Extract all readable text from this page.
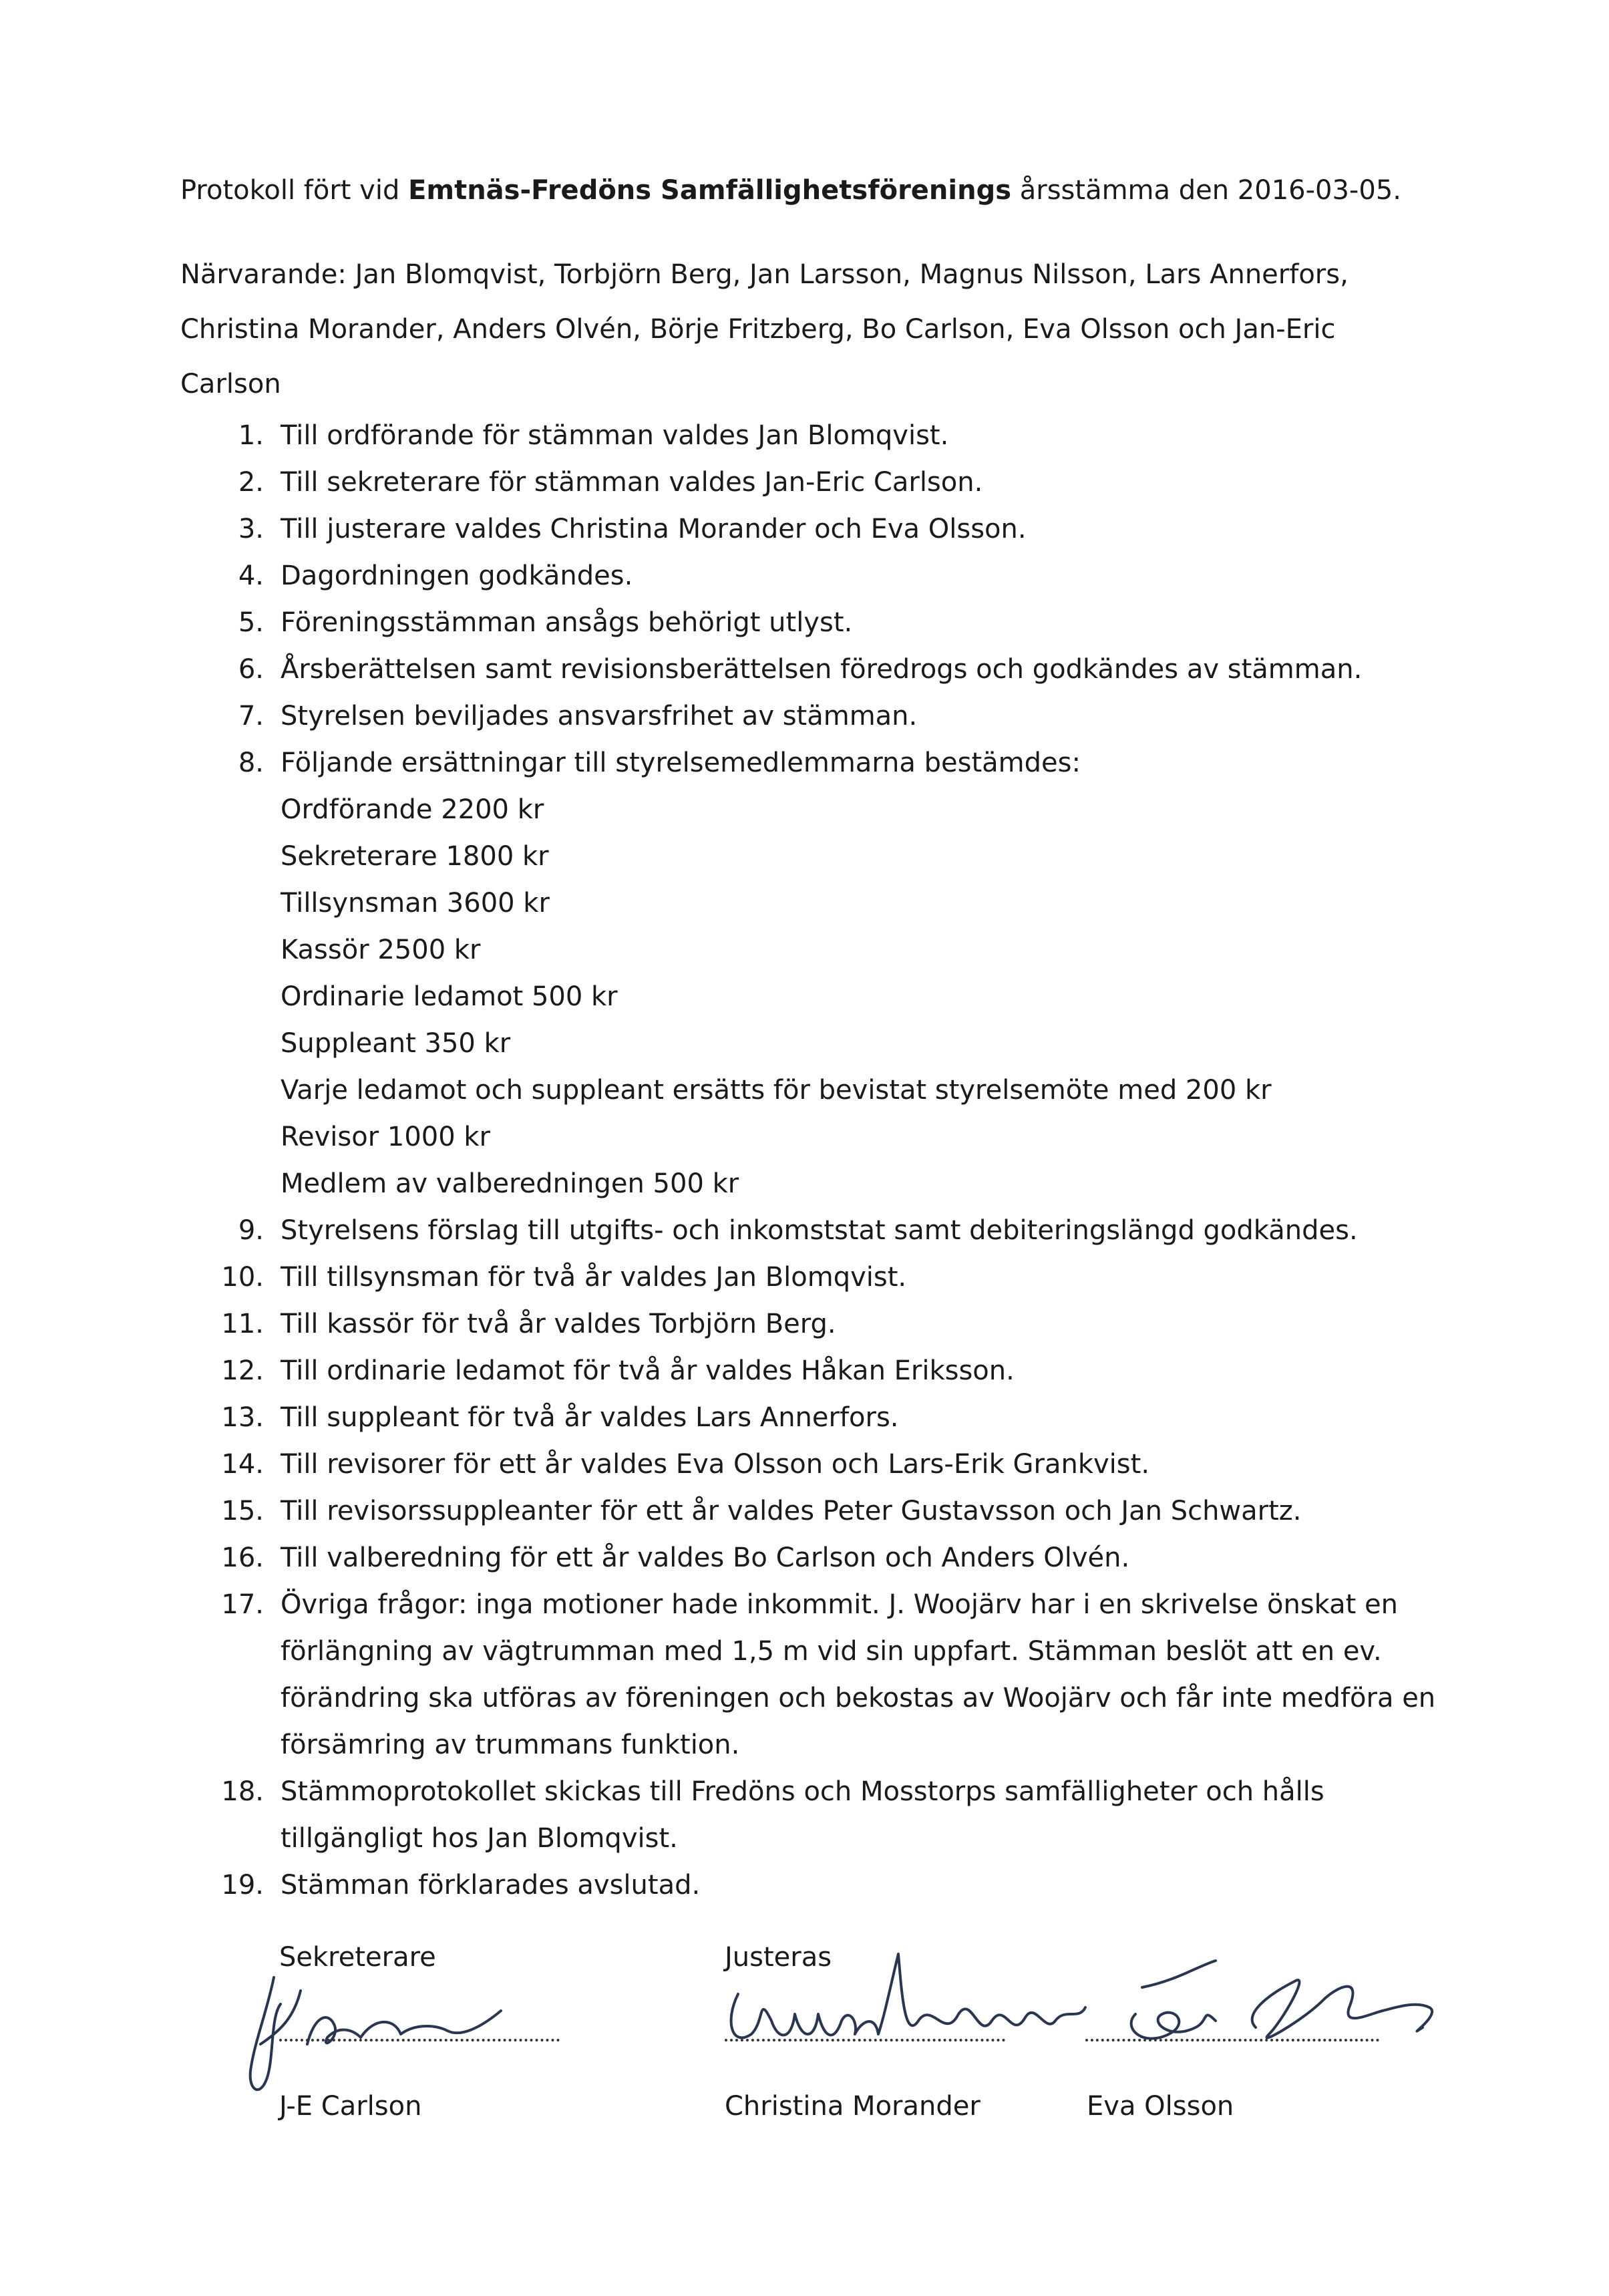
Protokoll fört vid Emtnäs-Fredöns Samfällighetsförenings årsstämma den 2016-03-05.
Närvarande: Jan Blomqvist, Torbjörn Berg, Jan Larsson, Magnus Nilsson, Lars Annerfors, Christina Morander, Anders Olvén, Börje Fritzberg, Bo Carlson, Eva Olsson och Jan-Eric Carlson
1. Till ordförande för stämman valdes Jan Blomqvist.
2. Till sekreterare för stämman valdes Jan-Eric Carlson.
3. Till justerare valdes Christina Morander och Eva Olsson.
4. Dagordningen godkändes.
5. Föreningsstämman ansågs behörigt utlyst.
6. Årsberättelsen samt revisionsberättelsen föredrogs och godkändes av stämman.
7. Styrelsen beviljades ansvarsfrihet av stämman.
8. Följande ersättningar till styrelsemedlemmarna bestämdes:
Ordförande 2200 kr
Sekreterare 1800 kr
Tillsynsman 3600 kr
Kassör 2500 kr
Ordinarie ledamot 500 kr
Suppleant 350 kr
Varje ledamot och suppleant ersätts för bevistat styrelsemöte med 200 kr
Revisor 1000 kr
Medlem av valberedningen 500 kr
9. Styrelsens förslag till utgifts- och inkomststat samt debiteringslängd godkändes.
10. Till tillsynsman för två år valdes Jan Blomqvist.
11. Till kassör för två år valdes Torbjörn Berg.
12. Till ordinarie ledamot för två år valdes Håkan Eriksson.
13. Till suppleant för två år valdes Lars Annerfors.
14. Till revisorer för ett år valdes Eva Olsson och Lars-Erik Grankvist.
15. Till revisorssuppleanter för ett år valdes Peter Gustavsson och Jan Schwartz.
16. Till valberedning för ett år valdes Bo Carlson och Anders Olvén.
17. Övriga frågor: inga motioner hade inkommit. J. Woojärv har i en skrivelse önskat en förlängning av vägtrumman med 1,5 m vid sin uppfart. Stämman beslöt att en ev. förändring ska utföras av föreningen och bekostas av Woojärv och får inte medföra en försämring av trummans funktion.
18. Stämmoprotokollet skickas till Fredöns och Mosstorps samfälligheter och hålls tillgängligt hos Jan Blomqvist.
19. Stämman förklarades avslutad.
Sekreterare	Justeras
J-E Carlson	Christina Morander	Eva Olsson
